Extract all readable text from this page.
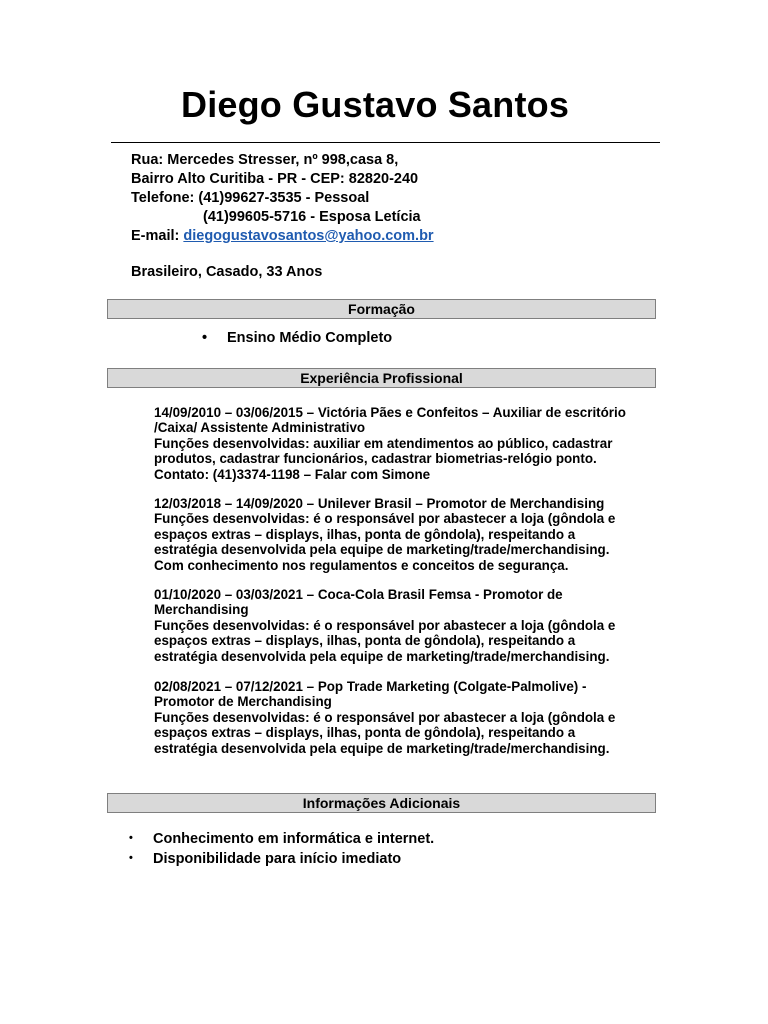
Diego Gustavo Santos
Rua: Mercedes Stresser, nº 998,casa 8,
Bairro Alto Curitiba - PR - CEP: 82820-240
Telefone: (41)99627-3535 - Pessoal
(41)99605-5716 - Esposa Letícia
E-mail: diegogustavosantos@yahoo.com.br
Brasileiro, Casado, 33 Anos
Formação
• Ensino Médio Completo
Experiência Profissional
14/09/2010 – 03/06/2015 – Victória Pães e Confeitos – Auxiliar de escritório
/Caixa/ Assistente Administrativo
Funções desenvolvidas: auxiliar em atendimentos ao público, cadastrar
produtos, cadastrar funcionários, cadastrar biometrias-relógio ponto.
Contato: (41)3374-1198 – Falar com Simone
12/03/2018 – 14/09/2020 – Unilever Brasil – Promotor de Merchandising
Funções desenvolvidas: é o responsável por abastecer a loja (gôndola e
espaços extras – displays, ilhas, ponta de gôndola), respeitando a
estratégia desenvolvida pela equipe de marketing/trade/merchandising.
Com conhecimento nos regulamentos e conceitos de segurança.
01/10/2020 – 03/03/2021 – Coca-Cola Brasil Femsa - Promotor de
Merchandising
Funções desenvolvidas: é o responsável por abastecer a loja (gôndola e
espaços extras – displays, ilhas, ponta de gôndola), respeitando a
estratégia desenvolvida pela equipe de marketing/trade/merchandising.
02/08/2021 – 07/12/2021 – Pop Trade Marketing (Colgate-Palmolive) -
Promotor de Merchandising
Funções desenvolvidas: é o responsável por abastecer a loja (gôndola e
espaços extras – displays, ilhas, ponta de gôndola), respeitando a
estratégia desenvolvida pela equipe de marketing/trade/merchandising.
Informações Adicionais
• Conhecimento em informática e internet.
• Disponibilidade para início imediato
